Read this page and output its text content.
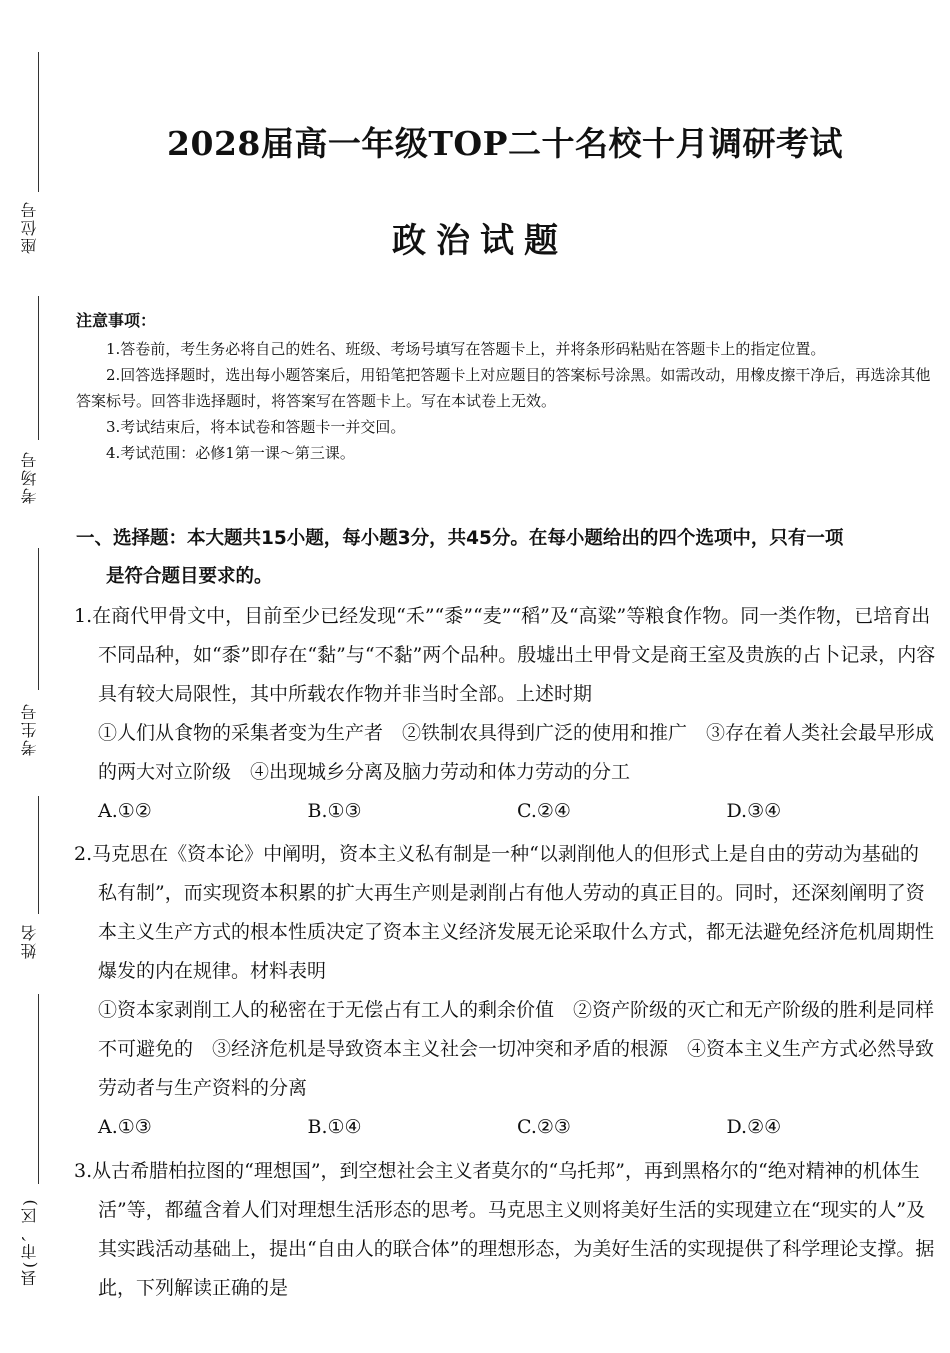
座位号
考场号
考生号
姓名
县(市、区)
2028届高一年级TOP二十名校十月调研考试
政治试题
注意事项：

1.答卷前，考生务必将自己的姓名、班级、考场号填写在答题卡上，并将条形码粘贴在答题卡上的指定位置。

2.回答选择题时，选出每小题答案后，用铅笔把答题卡上对应题目的答案标号涂黑。如需改动，用橡皮擦干净后，再选涂其他答案标号。回答非选择题时，将答案写在答题卡上。写在本试卷上无效。

3.考试结束后，将本试卷和答题卡一并交回。

4.考试范围：必修1第一课～第三课。

一、选择题：本大题共15小题，每小题3分，共45分。在每小题给出的四个选项中，只有一项
是符合题目要求的。

1.在商代甲骨文中，目前至少已经发现“禾”“黍”“麦”“稻”及“高粱”等粮食作物。同一类作物，已培育出不同品种，如“黍”即存在“黏”与“不黏”两个品种。殷墟出土甲骨文是商王室及贵族的占卜记录，内容具有较大局限性，其中所载农作物并非当时全部。上述时期

①人们从食物的采集者变为生产者　②铁制农具得到广泛的使用和推广　③存在着人类社会最早形成的两大对立阶级　④出现城乡分离及脑力劳动和体力劳动的分工

A.①②	B.①③	C.②④	D.③④

2.马克思在《资本论》中阐明，资本主义私有制是一种“以剥削他人的但形式上是自由的劳动为基础的私有制”，而实现资本积累的扩大再生产则是剥削占有他人劳动的真正目的。同时，还深刻阐明了资本主义生产方式的根本性质决定了资本主义经济发展无论采取什么方式，都无法避免经济危机周期性爆发的内在规律。材料表明

①资本家剥削工人的秘密在于无偿占有工人的剩余价值　②资产阶级的灭亡和无产阶级的胜利是同样不可避免的　③经济危机是导致资本主义社会一切冲突和矛盾的根源　④资本主义生产方式必然导致劳动者与生产资料的分离

A.①③	B.①④	C.②③	D.②④

3.从古希腊柏拉图的“理想国”，到空想社会主义者莫尔的“乌托邦”，再到黑格尔的“绝对精神的机体生活”等，都蕴含着人们对理想生活形态的思考。马克思主义则将美好生活的实现建立在“现实的人”及其实践活动基础上，提出“自由人的联合体”的理想形态，为美好生活的实现提供了科学理论支撑。据此，下列解读正确的是
